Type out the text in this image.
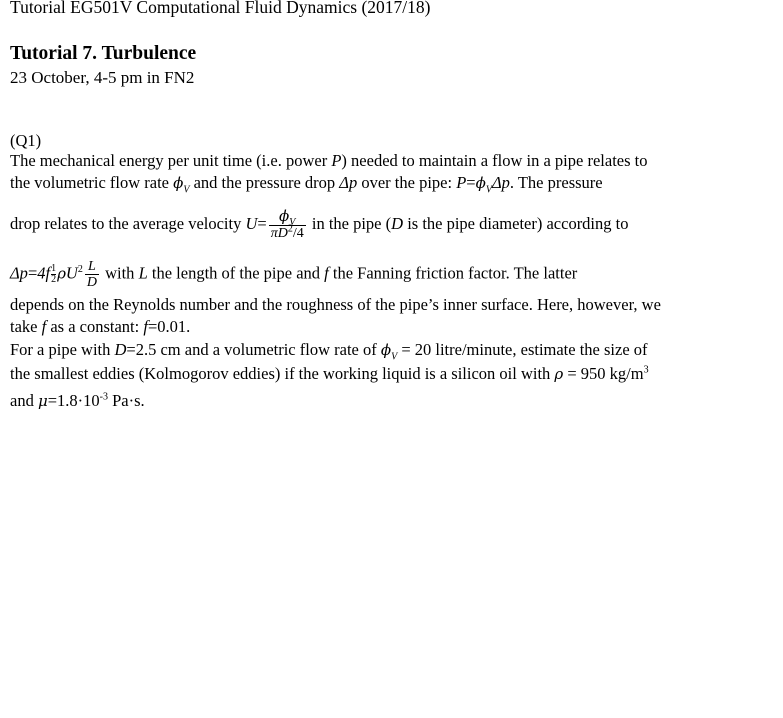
Tutorial EG501V Computational Fluid Dynamics (2017/18)
Tutorial 7. Turbulence
23 October, 4-5 pm in FN2
(Q1)
The mechanical energy per unit time (i.e. power P) needed to maintain a flow in a pipe relates to
the volumetric flow rate $\phi_V$ and the pressure drop Δp over the pipe: $P=\phi_V\Delta p$. The pressure
drop relates to the average velocity $U= \frac{\phi_V}{\pi D^2/4}$ in the pipe (D is the pipe diameter) according to
$\Delta p=4f \frac{1}{2} \rho U^2 \frac{L}{D}$ with L the length of the pipe and f the Fanning friction factor. The latter
depends on the Reynolds number and the roughness of the pipe’s inner surface. Here, however, we
take f as a constant: f=0.01.
For a pipe with D=2.5 cm and a volumetric flow rate of $\phi_V = 20$ litre/minute, estimate the size of
the smallest eddies (Kolmogorov eddies) if the working liquid is a silicon oil with ρ = 950 $kg/m^3$
and $\mu=1.8\cdot 10^{-3}$ Pa·s.
